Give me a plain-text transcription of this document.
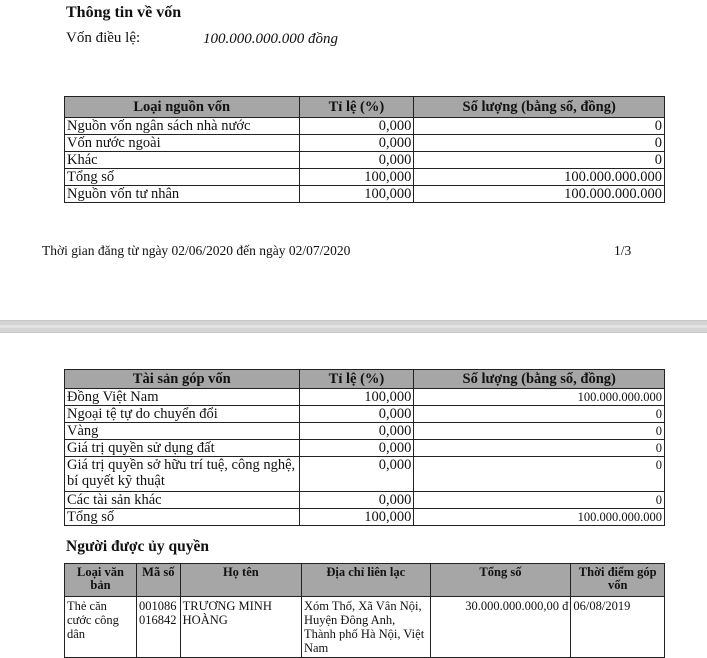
Thông tin về vốn
Vốn điều lệ:	100.000.000.000 đồng
Loại nguồn vốn	Tỉ lệ (%)	Số lượng (bằng số, đồng)
Nguồn vốn ngân sách nhà nước	0,000	0
Vốn nước ngoài	0,000	0
Khác	0,000	0
Tổng số	100,000	100.000.000.000
Nguồn vốn tư nhân	100,000	100.000.000.000
Thời gian đăng từ ngày 02/06/2020 đến ngày 02/07/2020	1/3
Tài sản góp vốn	Tỉ lệ (%)	Số lượng (bằng số, đồng)
Đồng Việt Nam	100,000	100.000.000.000
Ngoại tệ tự do chuyển đổi	0,000	0
Vàng	0,000	0
Giá trị quyền sử dụng đất	0,000	0
Giá trị quyền sở hữu trí tuệ, công nghệ, bí quyết kỹ thuật	0,000	0
Các tài sản khác	0,000	0
Tổng số	100,000	100.000.000.000
Người được ủy quyền
Loại văn bản	Mã số	Họ tên	Địa chỉ liên lạc	Tổng số	Thời điểm góp vốn
Thẻ căn cước công dân	001086 016842	TRƯƠNG MINH HOÀNG	Xóm Thố, Xã Vân Nội, Huyện Đông Anh, Thành phố Hà Nội, Việt Nam	30.000.000.000,00 đ	06/08/2019
